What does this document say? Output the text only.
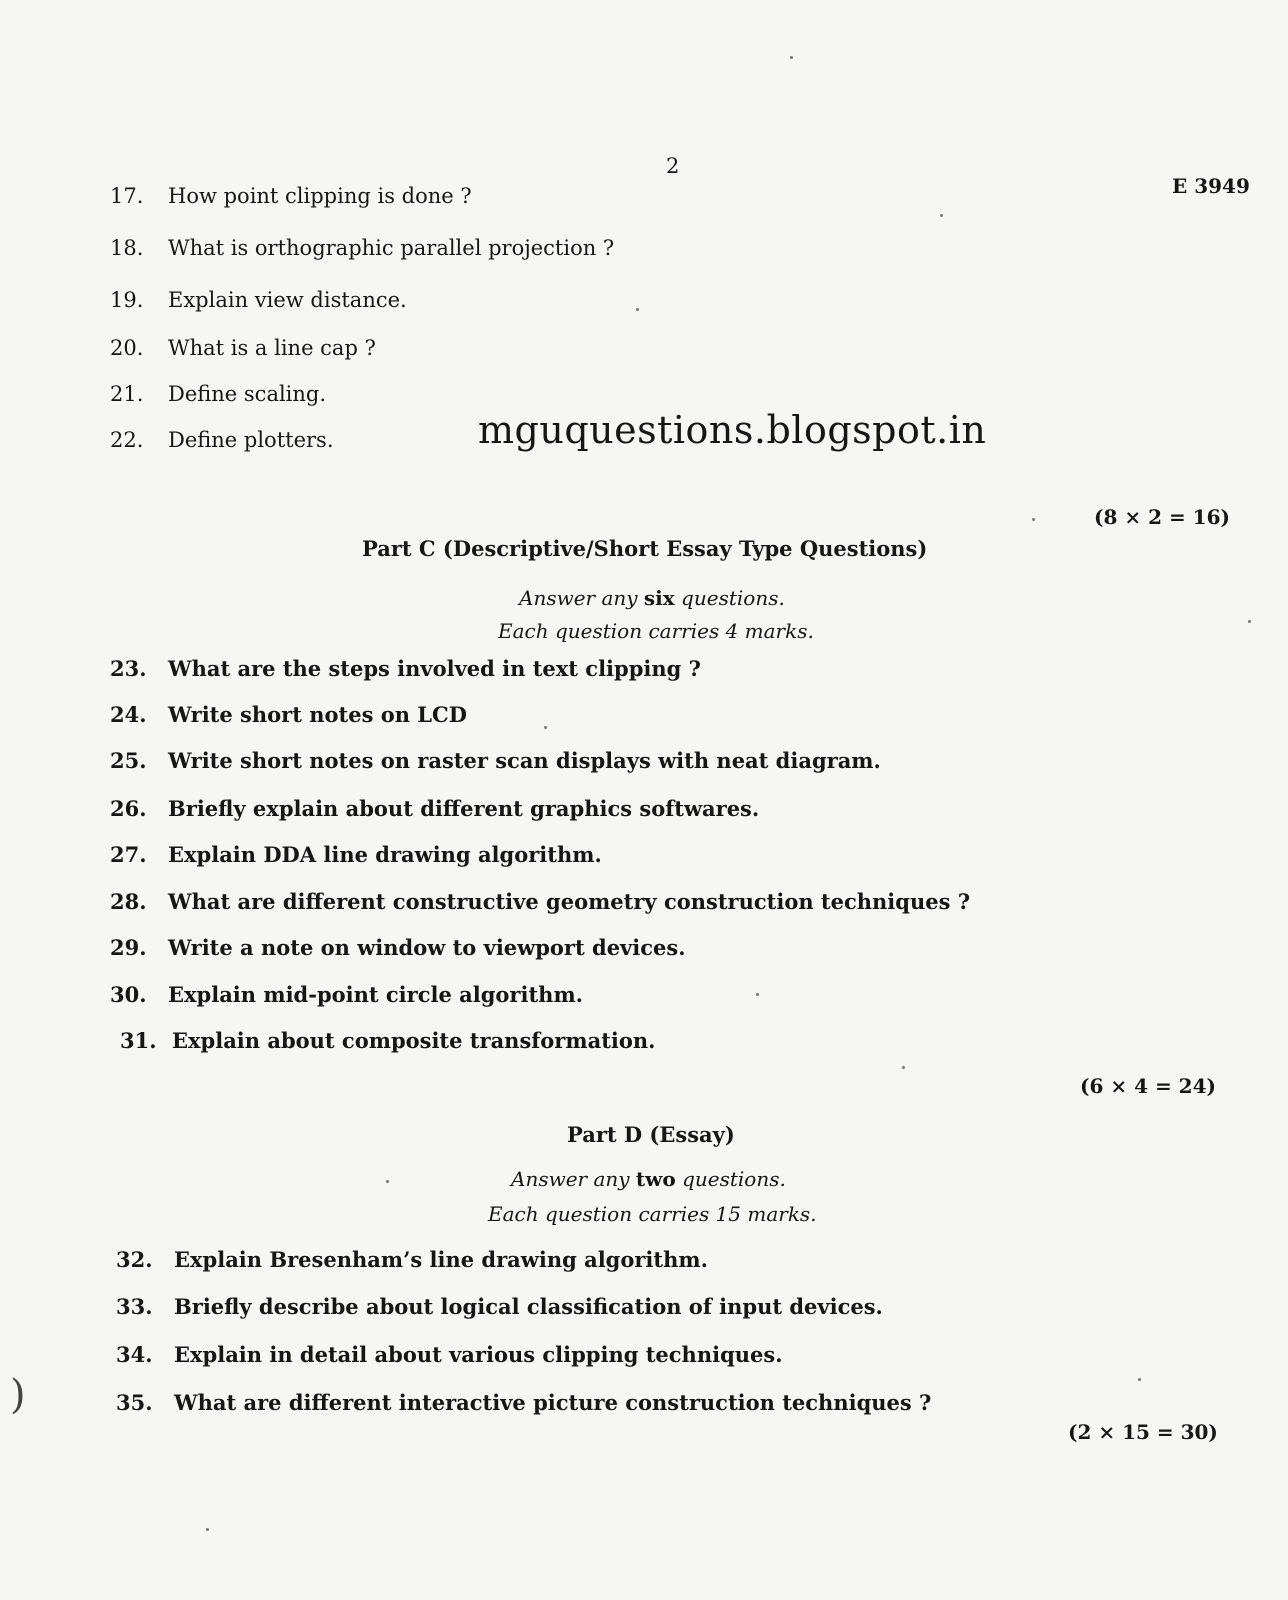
2
E 3949
17. How point clipping is done ?
18. What is orthographic parallel projection ?
19. Explain view distance.
20. What is a line cap ?
21. Define scaling.
22. Define plotters.	mguquestions.blogspot.in
(8 × 2 = 16)
Part C (Descriptive/Short Essay Type Questions)
Answer any six questions.
Each question carries 4 marks.
23. What are the steps involved in text clipping ?
24. Write short notes on LCD
25. Write short notes on raster scan displays with neat diagram.
26. Briefly explain about different graphics softwares.
27. Explain DDA line drawing algorithm.
28. What are different constructive geometry construction techniques ?
29. Write a note on window to viewport devices.
30. Explain mid-point circle algorithm.
31. Explain about composite transformation.
(6 × 4 = 24)
Part D (Essay)
Answer any two questions.
Each question carries 15 marks.
32. Explain Bresenham’s line drawing algorithm.
33. Briefly describe about logical classification of input devices.
34. Explain in detail about various clipping techniques.
35. What are different interactive picture construction techniques ?
(2 × 15 = 30)
)
